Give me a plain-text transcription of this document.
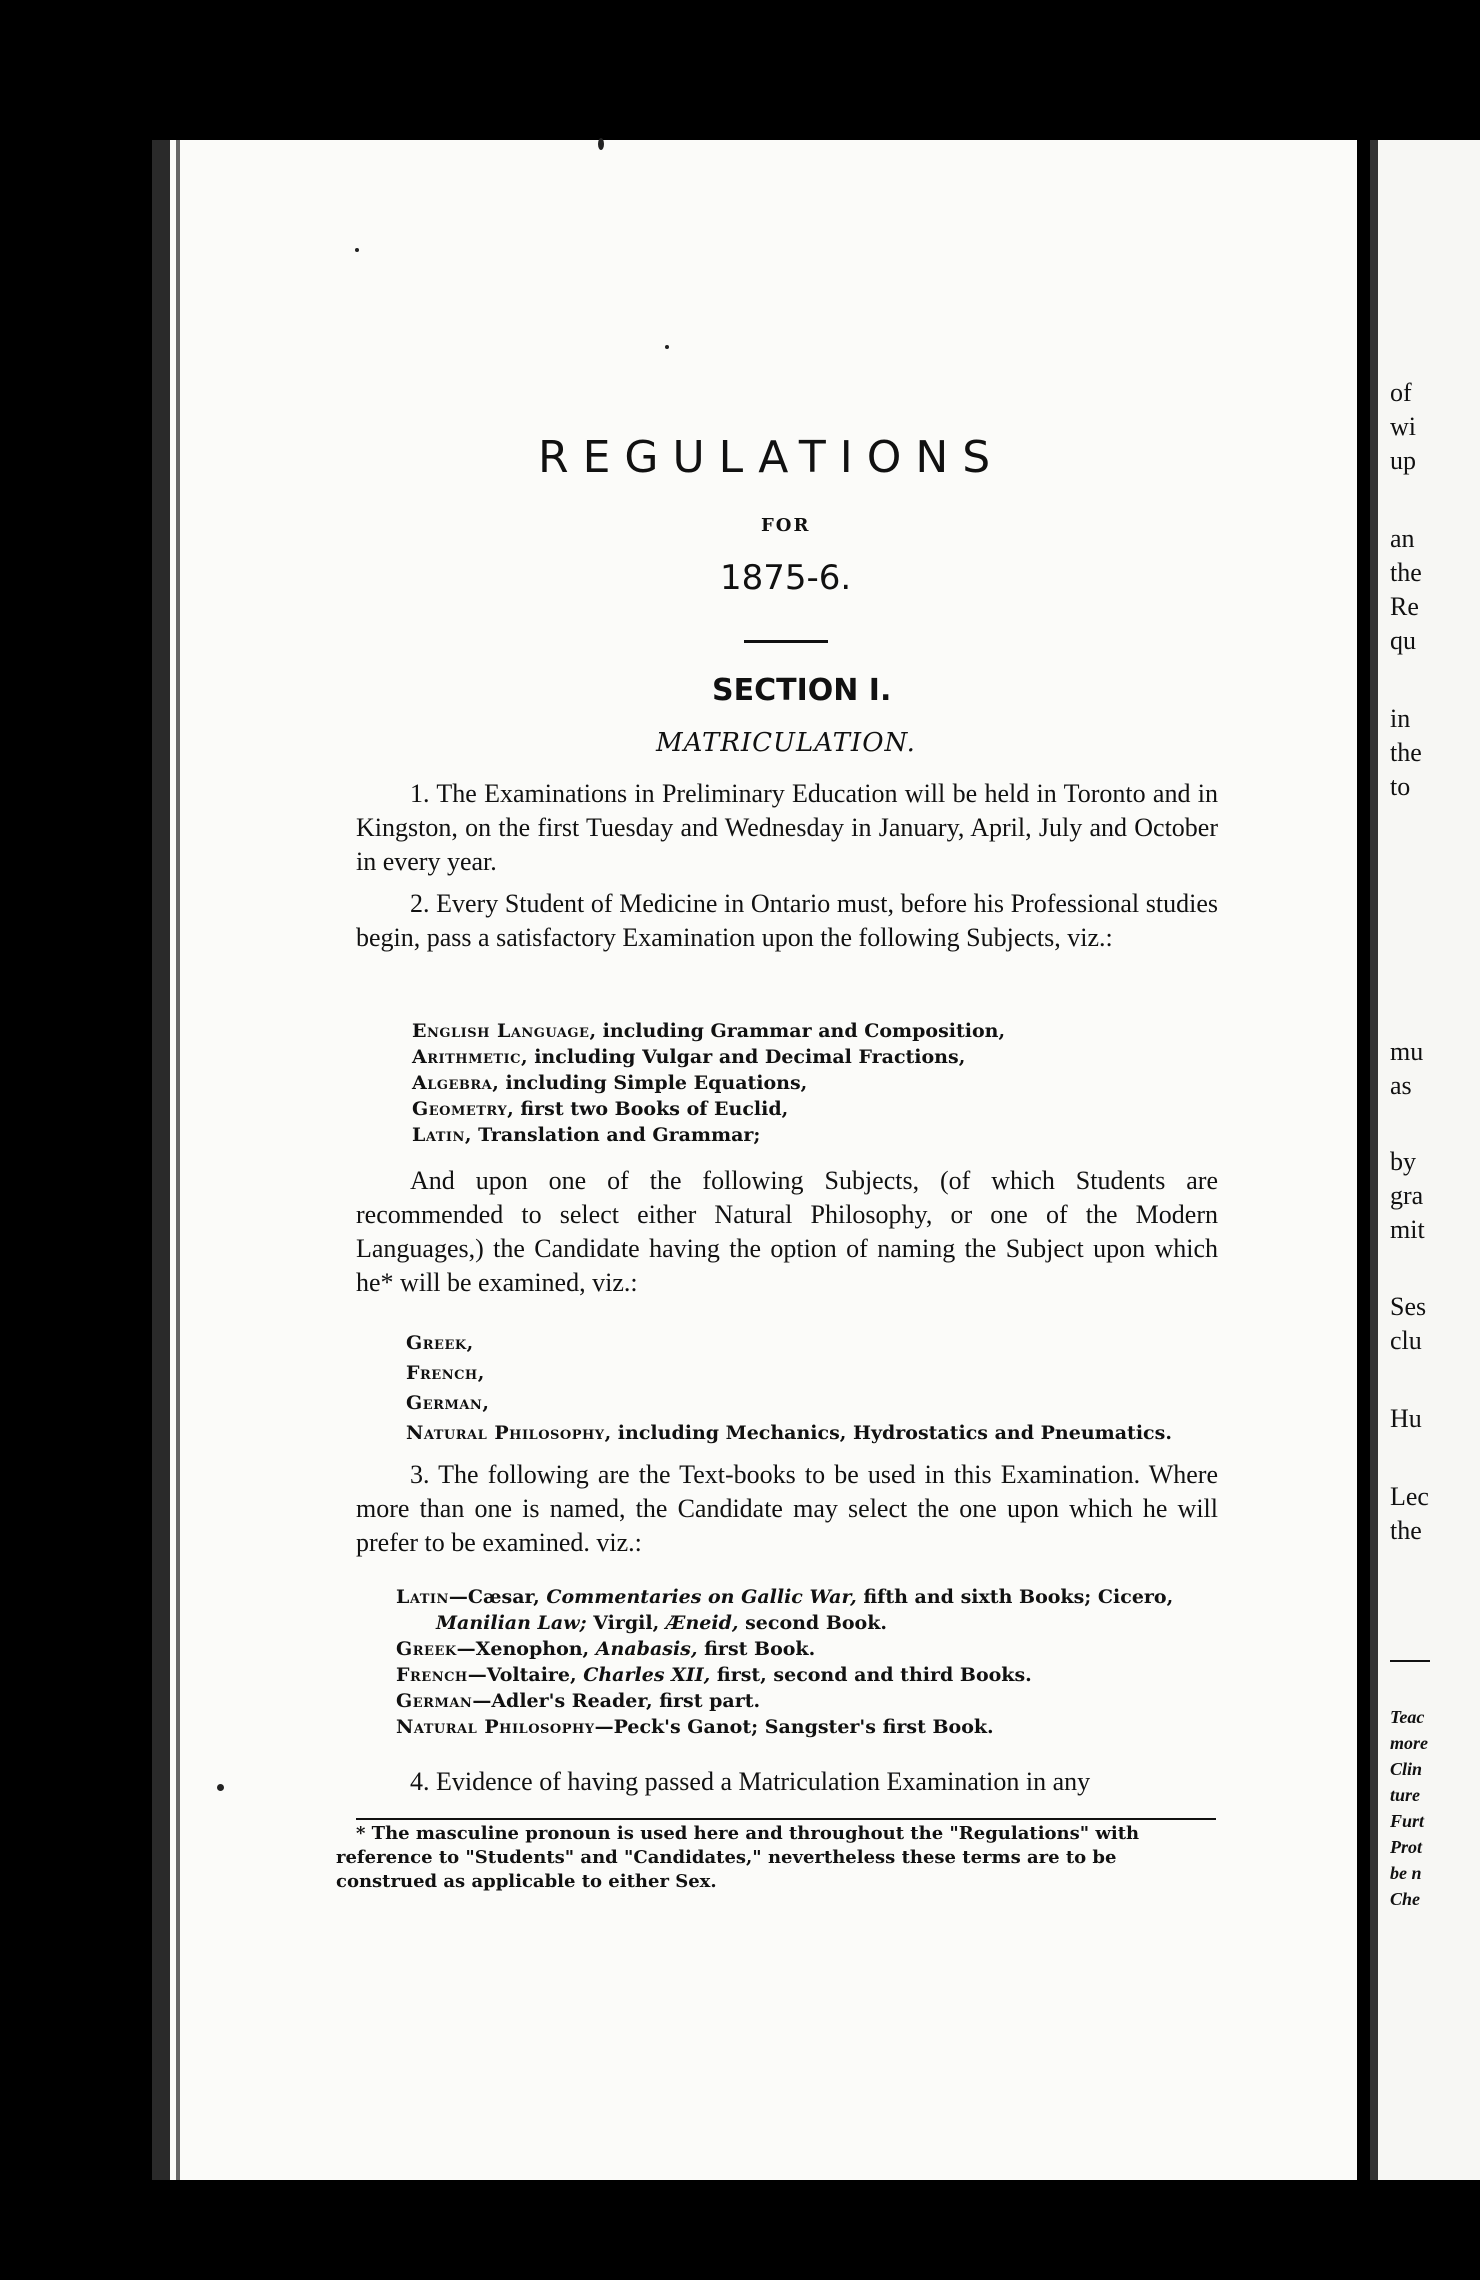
REGULATIONS
FOR
1875-6.
SECTION I.
MATRICULATION.
1. The Examinations in Preliminary Education will be held in Toronto and in Kingston, on the first Tuesday and Wednesday in January, April, July and October in every year.
2. Every Student of Medicine in Ontario must, before his Professional studies begin, pass a satisfactory Examination upon the following Subjects, viz.:
English Language, including Grammar and Composition,
Arithmetic, including Vulgar and Decimal Fractions,
Algebra, including Simple Equations,
Geometry, first two Books of Euclid,
Latin, Translation and Grammar;
And upon one of the following Subjects, (of which Students are recommended to select either Natural Philosophy, or one of the Modern Languages,) the Candidate having the option of naming the Subject upon which he* will be examined, viz.:
Greek,
French,
German,
Natural Philosophy, including Mechanics, Hydrostatics and Pneumatics.
3. The following are the Text-books to be used in this Examination. Where more than one is named, the Candidate may select the one upon which he will prefer to be examined. viz.:
Latin—Cæsar, Commentaries on Gallic War, fifth and sixth Books; Cicero,
Manilian Law; Virgil, Æneid, second Book.
Greek—Xenophon, Anabasis, first Book.
French—Voltaire, Charles XII, first, second and third Books.
German—Adler's Reader, first part.
Natural Philosophy—Peck's Ganot; Sangster's first Book.
4. Evidence of having passed a Matriculation Examination in any
* The masculine pronoun is used here and throughout the "Regulations" with reference to "Students" and "Candidates," nevertheless these terms are to be construed as applicable to either Sex.
of
wi
up
an
the
Re
qu
in
the
to
mu
as
by
gra
mit
Ses
clu
Hu
Lec
the
Teac
more
Clin
ture
Furt
Prot
be n
Che
